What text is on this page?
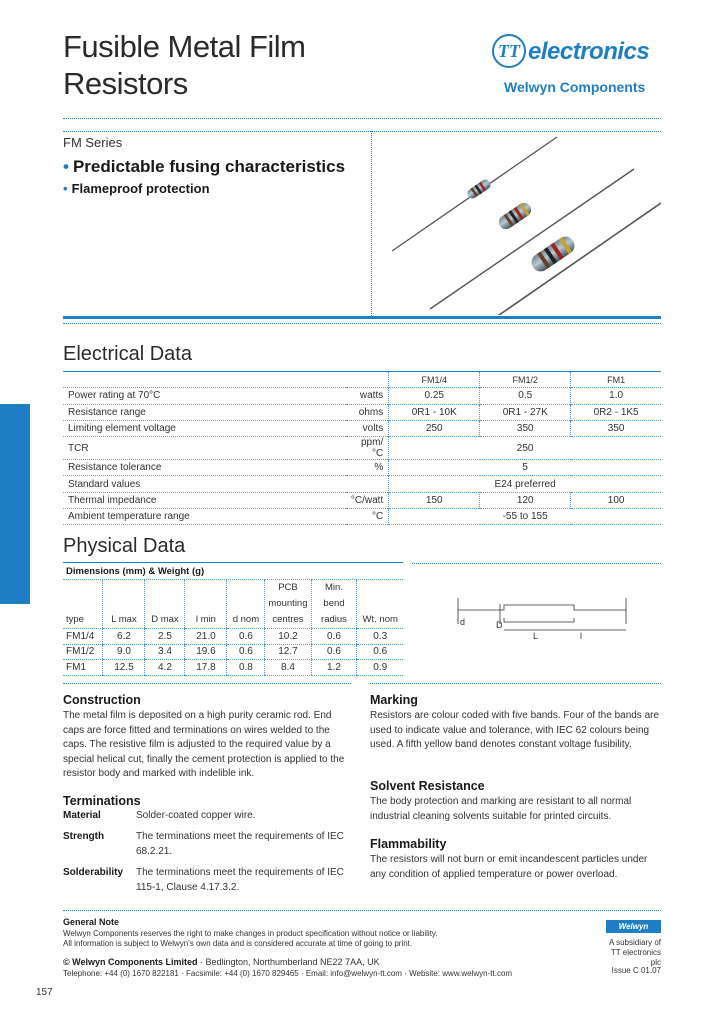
Fusible Metal Film
Resistors
TT electronics
Welwyn Components
FM Series
• Predictable fusing characteristics
• Flameproof protection
Electrical Data
		FM1/4	FM1/2	FM1
Power rating at 70°C	watts	0.25	0.5	1.0
Resistance range	ohms	0R1 - 10K	0R1 - 27K	0R2 - 1K5
Limiting element voltage	volts	250	350	350
TCR	ppm/°C	250		
Resistance tolerance	%	5		
Standard values		E24 preferred		
Thermal impedance	°C/watt	150	120	100
Ambient temperature range	°C	-55 to 155		
Physical Data
Dimensions (mm) & Weight (g)							
type	L max	D max	l min	d nom	PCB mounting centres	Min. bend radius	Wt. nom
FM1/4	6.2	2.5	21.0	0.6	10.2	0.6	0.3
FM1/2	9.0	3.4	19.6	0.6	12.7	0.6	0.6
FM1	12.5	4.2	17.8	0.8	8.4	1.2	0.9
d	D
L	l
Construction
The metal film is deposited on a high purity ceramic rod. End caps are force fitted and terminations on wires welded to the caps. The resistive film is adjusted to the required value by a special helical cut, finally the cement protection is applied to the resistor body and marked with indelible ink.
Terminations
Material	Solder-coated copper wire.
Strength	The terminations meet the requirements of IEC 68.2.21.
Solderability The terminations meet the requirements of IEC 115-1, Clause 4.17.3.2.
Marking
Resistors are colour coded with five bands. Four of the bands are used to indicate value and tolerance, with IEC 62 colours being used. A fifth yellow band denotes constant voltage fusibility.
Solvent Resistance
The body protection and marking are resistant to all normal industrial cleaning solvents suitable for printed circuits.
Flammability
The resistors will not burn or emit incandescent particles under any condition of applied temperature or power overload.
General Note
Welwyn Components reserves the right to make changes in product specification without notice or liability.
All information is subject to Welwyn's own data and is considered accurate at time of going to print.
© Welwyn Components Limited · Bedlington, Northumberland NE22 7AA, UK
Telephone: +44 (0) 1670 822181 · Facsimile: +44 (0) 1670 829465 · Email: info@welwyn-tt.com · Website: www.welwyn-tt.com
157
Welwyn
A subsidiary of TT electronics plc
Issue C 01.07
